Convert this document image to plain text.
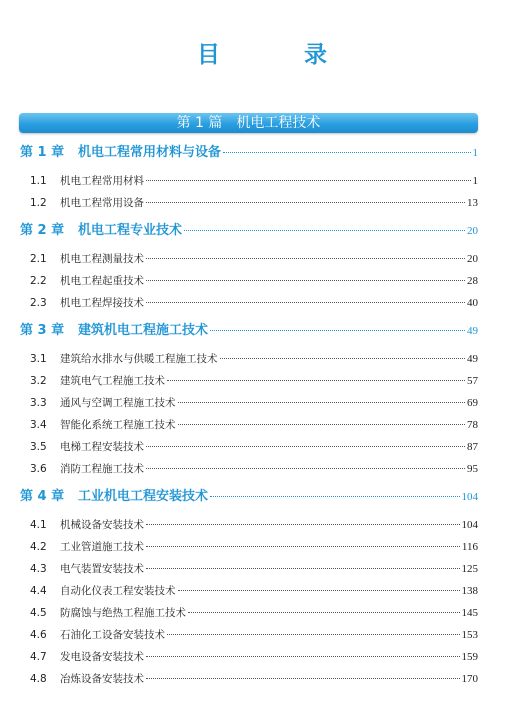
目 录
第 1 篇　机电工程技术
第 1 章	机电工程常用材料与设备	1
1.1	机电工程常用材料	1
1.2	机电工程常用设备	13
第 2 章	机电工程专业技术	20
2.1	机电工程测量技术	20
2.2	机电工程起重技术	28
2.3	机电工程焊接技术	40
第 3 章	建筑机电工程施工技术	49
3.1	建筑给水排水与供暖工程施工技术	49
3.2	建筑电气工程施工技术	57
3.3	通风与空调工程施工技术	69
3.4	智能化系统工程施工技术	78
3.5	电梯工程安装技术	87
3.6	消防工程施工技术	95
第 4 章	工业机电工程安装技术	104
4.1	机械设备安装技术	104
4.2	工业管道施工技术	116
4.3	电气装置安装技术	125
4.4	自动化仪表工程安装技术	138
4.5	防腐蚀与绝热工程施工技术	145
4.6	石油化工设备安装技术	153
4.7	发电设备安装技术	159
4.8	冶炼设备安装技术	170
